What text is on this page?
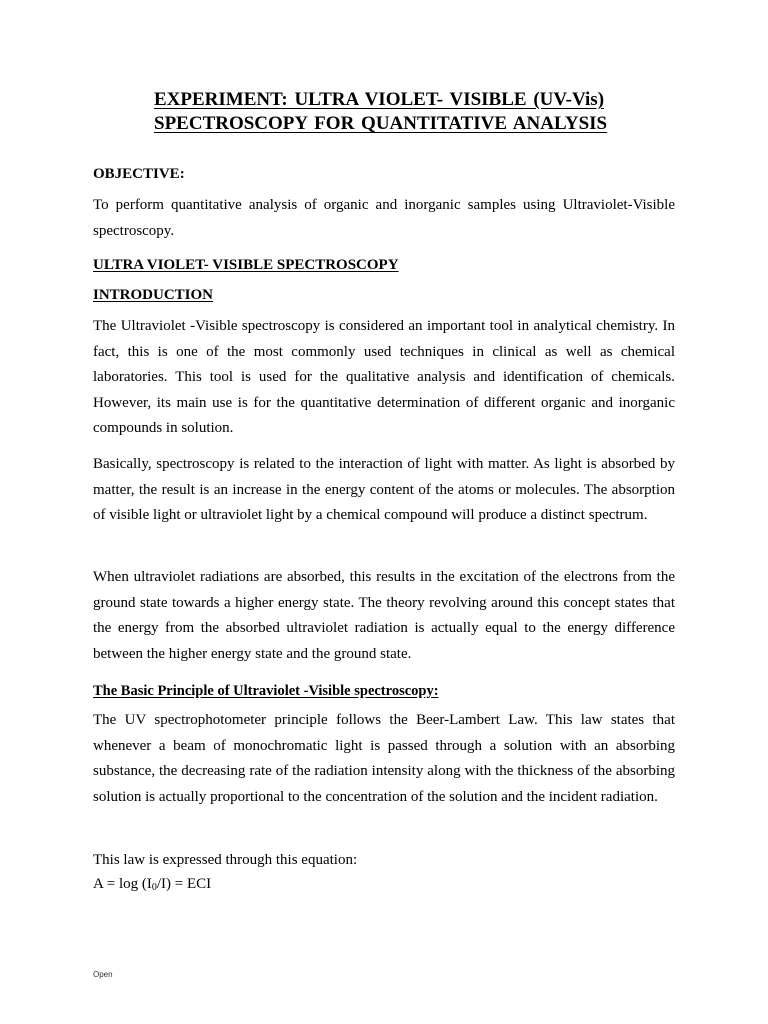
EXPERIMENT: ULTRA VIOLET- VISIBLE (UV-Vis)
SPECTROSCOPY FOR QUANTITATIVE ANALYSIS
OBJECTIVE:
To perform quantitative analysis of organic and inorganic samples using Ultraviolet-Visible spectroscopy.
ULTRA VIOLET- VISIBLE SPECTROSCOPY
INTRODUCTION
The Ultraviolet -Visible spectroscopy is considered an important tool in analytical chemistry. In fact, this is one of the most commonly used techniques in clinical as well as chemical laboratories. This tool is used for the qualitative analysis and identification of chemicals. However, its main use is for the quantitative determination of different organic and inorganic compounds in solution.
Basically, spectroscopy is related to the interaction of light with matter. As light is absorbed by matter, the result is an increase in the energy content of the atoms or molecules. The absorption of visible light or ultraviolet light by a chemical compound will produce a distinct spectrum.
When ultraviolet radiations are absorbed, this results in the excitation of the electrons from the ground state towards a higher energy state. The theory revolving around this concept states that the energy from the absorbed ultraviolet radiation is actually equal to the energy difference between the higher energy state and the ground state.
The Basic Principle of Ultraviolet -Visible spectroscopy:
The UV spectrophotometer principle follows the Beer-Lambert Law. This law states that whenever a beam of monochromatic light is passed through a solution with an absorbing substance, the decreasing rate of the radiation intensity along with the thickness of the absorbing solution is actually proportional to the concentration of the solution and the incident radiation.
This law is expressed through this equation:
$A = \log (I_0/I)$ = ECI
Open
